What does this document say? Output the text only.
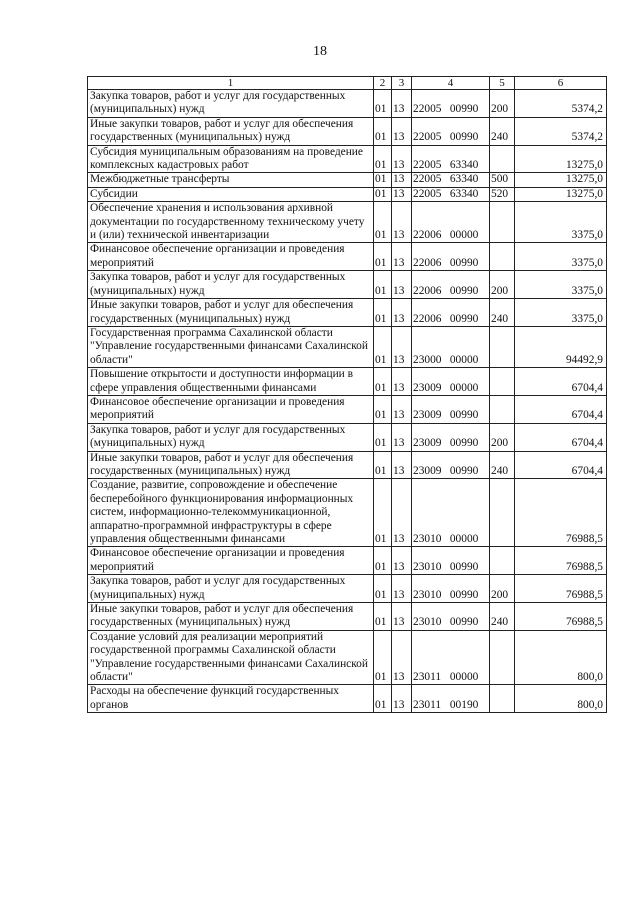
18
1	2	3	4	5	6
Закупка товаров, работ и услуг для государственных (муниципальных) нужд	01	13	22005 00990	200	5374,2
Иные закупки товаров, работ и услуг для обеспечения государственных (муниципальных) нужд	01	13	22005 00990	240	5374,2
Субсидия муниципальным образованиям на проведение комплексных кадастровых работ	01	13	22005 63340		13275,0
Межбюджетные трансферты	01	13	22005 63340	500	13275,0
Субсидии	01	13	22005 63340	520	13275,0
Обеспечение хранения и использования архивной документации по государственному техническому учету и (или) технической инвентаризации	01	13	22006 00000		3375,0
Финансовое обеспечение организации и проведения мероприятий	01	13	22006 00990		3375,0
Закупка товаров, работ и услуг для государственных (муниципальных) нужд	01	13	22006 00990	200	3375,0
Иные закупки товаров, работ и услуг для обеспечения государственных (муниципальных) нужд	01	13	22006 00990	240	3375,0
Государственная программа Сахалинской области "Управление государственными финансами Сахалинской области"	01	13	23000 00000		94492,9
Повышение открытости и доступности информации в сфере управления общественными финансами	01	13	23009 00000		6704,4
Финансовое обеспечение организации и проведения мероприятий	01	13	23009 00990		6704,4
Закупка товаров, работ и услуг для государственных (муниципальных) нужд	01	13	23009 00990	200	6704,4
Иные закупки товаров, работ и услуг для обеспечения государственных (муниципальных) нужд	01	13	23009 00990	240	6704,4
Создание, развитие, сопровождение и обеспечение бесперебойного функционирования информационных систем, информационно-телекоммуникационной, аппаратно-программной инфраструктуры в сфере управления общественными финансами	01	13	23010 00000		76988,5
Финансовое обеспечение организации и проведения мероприятий	01	13	23010 00990		76988,5
Закупка товаров, работ и услуг для государственных (муниципальных) нужд	01	13	23010 00990	200	76988,5
Иные закупки товаров, работ и услуг для обеспечения государственных (муниципальных) нужд	01	13	23010 00990	240	76988,5
Создание условий для реализации мероприятий государственной программы Сахалинской области "Управление государственными финансами Сахалинской области"	01	13	23011 00000		800,0
Расходы на обеспечение функций государственных органов	01	13	23011 00190		800,0
